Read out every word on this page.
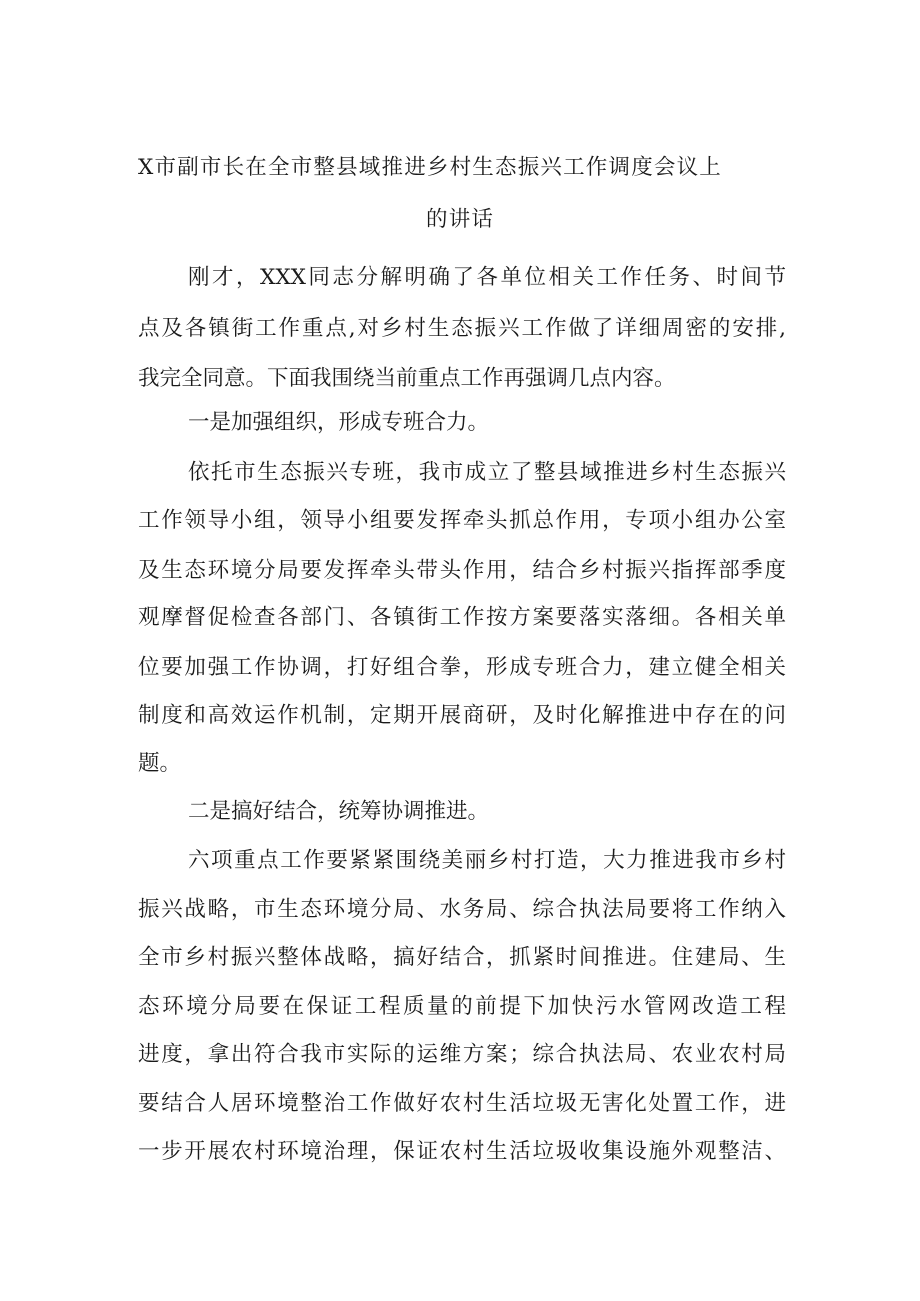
X市副市长在全市整县域推进乡村生态振兴工作调度会议上
的讲话
刚才，XXX同志分解明确了各单位相关工作任务、时间节
点及各镇街工作重点,对乡村生态振兴工作做了详细周密的安排,
我完全同意。下面我围绕当前重点工作再强调几点内容。
一是加强组织，形成专班合力。
依托市生态振兴专班，我市成立了整县域推进乡村生态振兴
工作领导小组，领导小组要发挥牵头抓总作用，专项小组办公室
及生态环境分局要发挥牵头带头作用，结合乡村振兴指挥部季度
观摩督促检查各部门、各镇街工作按方案要落实落细。各相关单
位要加强工作协调，打好组合拳，形成专班合力，建立健全相关
制度和高效运作机制，定期开展商研，及时化解推进中存在的问
题。
二是搞好结合，统筹协调推进。
六项重点工作要紧紧围绕美丽乡村打造，大力推进我市乡村
振兴战略，市生态环境分局、水务局、综合执法局要将工作纳入
全市乡村振兴整体战略，搞好结合，抓紧时间推进。住建局、生
态环境分局要在保证工程质量的前提下加快污水管网改造工程
进度，拿出符合我市实际的运维方案；综合执法局、农业农村局
要结合人居环境整治工作做好农村生活垃圾无害化处置工作，进
一步开展农村环境治理，保证农村生活垃圾收集设施外观整洁、
